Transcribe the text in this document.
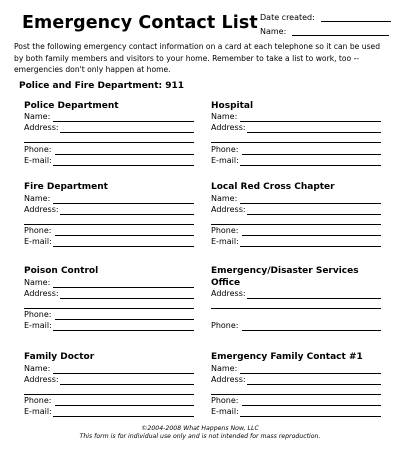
Emergency Contact List Date created:
Name:
Post the following emergency contact information on a card at each telephone so it can be used by both family members and visitors to your home. Remember to take a list to work, too -- emergencies don't only happen at home.
Police and Fire Department: 911
Police Department
Name:
Address:
Phone:
E-mail:
Fire Department
Name:
Address:
Phone:
E-mail:
Poison Control
Name:
Address:
Phone:
E-mail:
Family Doctor
Name:
Address:
Phone:
E-mail:
Hospital
Name:
Address:
Phone:
E-mail:
Local Red Cross Chapter
Name:
Address:
Phone:
E-mail:
Emergency/Disaster Services
Office
Address:
Phone:
Emergency Family Contact #1
Name:
Address:
Phone:
E-mail:
©2004-2008 What Happens Now, LLC
This form is for individual use only and is not intended for mass reproduction.
